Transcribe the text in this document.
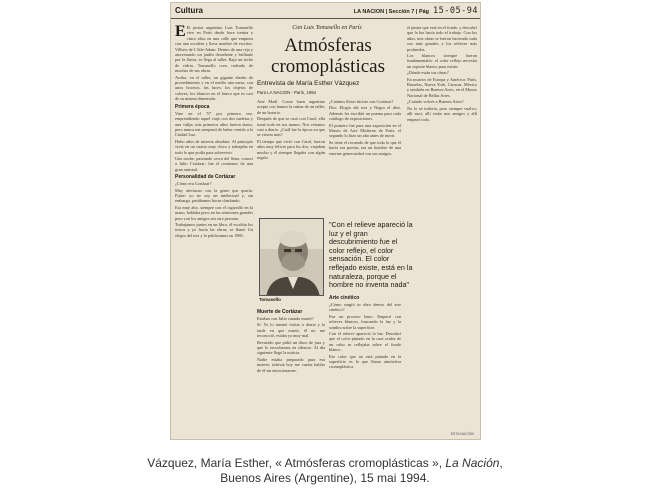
Cultura	LA NACION | Sección 7 | Pág 15-05-94

E El pintor argentino Luis Tomasello vive en París desde hace treinta y cinco años en una calle que empieza con una escalera y lleva nombre de escritor: Villiers de L'Isle-Adam. Dentro de una reja y atravesando un jardín decadente y brillante por la lluvia, se llega al taller. Bajo un techo de vidrio, Tomasello crea, rodeado de muchas de sus obras.

Arriba, en el taller, un gigante diseño de procedimiento y en el medio una mesa, con unos bocetos, las luces; los objetos de colores, los blancos en el hueco que es casi de su misma dimensión.

Primera época

Vine en el '57 por primera vez, emprendiendo aquel viaje con dos maletas y una valija; mis primeros años fueron duros, pero nunca me arrepentí de haber venido a la Ciudad Luz.

Hubo años de miseria absoluta. Al principio vivía en un cuarto muy chico y trabajaba en todo lo que podía para sobrevivir.

Una noche, paseando cerca del Sena, conocí a Julio Cortázar; fue el comienzo de una gran amistad.

Personalidad de Cortázar

¿Cómo era Cortázar?

Muy afectuoso con la gente que quería. Fijate: yo no soy un intelectual y, sin embargo, pasábamos horas charlando.

Era muy alto, siempre con el cigarrillo en la mano, hablaba poco en las reuniones grandes pero con los amigos era otra persona.

Trabajamos juntos en un libro, él escribía los textos y yo hacía las obras; se llamó Un elogio del tres y lo publicamos en 1980.

Con Luis Tomasello en París
Atmósferas cromoplásticas
Entrevista de María Esther Vázquez
Para LA NACION - París, 1994

Arte Madí. Como buen argentino acepto con humor la rutina de un taller, de un horario.

Después de que se casó con Carol, ella tomó todo en sus manos. Nos veíamos casi a diario. ¿Cuál fue la época en que se vieron más?

El tiempo que vivió con Carol, fueron años muy felices para los dos, viajaban mucho y él siempre llegaba con algún regalo.

¿Cuántos libros hiciste con Cortázar?

Dos: Elogio del tres y Negro el diez. Además les escribió un poema para cada catálogo de exposiciones.

El primero fue para una exposición en el Museo de Arte Moderno de París; el segundo lo hizo un año antes de morir.

Se tiene el recuerdo de que todo lo que él hacía era poesía; era un hombre de una enorme generosidad con sus amigos.

Tomasello
"Con el relieve apareció la luz y el gran descubrimiento fue el color reflejo, el color sensación. El color reflejado existe, está en la naturaleza, porque el hombre no inventa nada"
Muerte de Cortázar

Estabas con Julio cuando murió?

Sí. Yo lo intenté visitar a diario y la tarde en que murió, él no me reconoció, estaba ya muy mal.

Recuerdo que pidió un disco de jazz y que lo escuchamos en silencio. Al día siguiente llegó la noticia.

Nadie estaba preparado para esa muerte; todavía hoy me cuesta hablar de él sin emocionarme.

Arte cinético

¿Cómo surgió tu obra dentro del arte cinético?

Fue un proceso lento. Empecé con relieves blancos, buscando la luz y la sombra sobre la superficie.

Con el relieve apareció la luz. Descubrí que el color pintado en la cara oculta de un cubo se reflejaba sobre el fondo blanco.

Ese color que no está pintado en la superficie es lo que llamo atmósfera cromoplástica.

el pintor que está en el fondo, y descubrí que la luz hacía todo el trabajo. Con los años, mis obras se fueron haciendo cada vez más grandes y los relieves más profundos.

Los blancos siempre fueron fundamentales: el color reflejo necesita un soporte blanco para existir.

¿Dónde están tus obras?

En museos de Europa y América: París, Bruselas, Nueva York, Caracas, México y también en Buenos Aires, en el Museo Nacional de Bellas Artes.

¿Cuándo volvés a Buenos Aires?

No lo sé todavía, pero siempre vuelvo; allí nací, allí están mis amigos y allí empezó todo.

ESTA NACIÓN
Vázquez, María Esther, « Atmósferas cromoplásticas », La Nación,
Buenos Aires (Argentine), 15 mai 1994.
